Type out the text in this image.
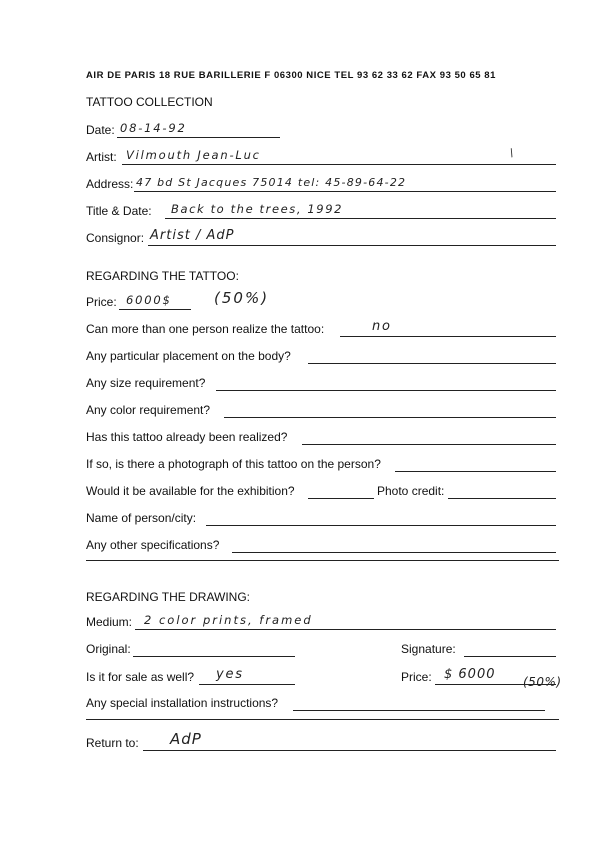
AIR DE PARIS 18 RUE BARILLERIE F 06300 NICE TEL 93 62 33 62 FAX 93 50 65 81
TATTOO COLLECTION
Date: 08-14-92
Artist: Vilmouth Jean-Luc	/
Address: 47 bd St Jacques 75014 tel: 45-89-64-22
Title & Date: Back to the trees, 1992
Consignor: Artist / AdP
REGARDING THE TATTOO:
Price: 6000$	(50%)
Can more than one person realize the tattoo:	no
Any particular placement on the body?
Any size requirement?
Any color requirement?
Has this tattoo already been realized?
If so, is there a photograph of this tattoo on the person?
Would it be available for the exhibition?	Photo credit:
Name of person/city:
Any other specifications?
REGARDING THE DRAWING:
Medium: 2 color prints, framed
Original:	Signature:
Is it for sale as well? yes	Price: $ 6000 (50%)
Any special installation instructions?
Return to: AdP
